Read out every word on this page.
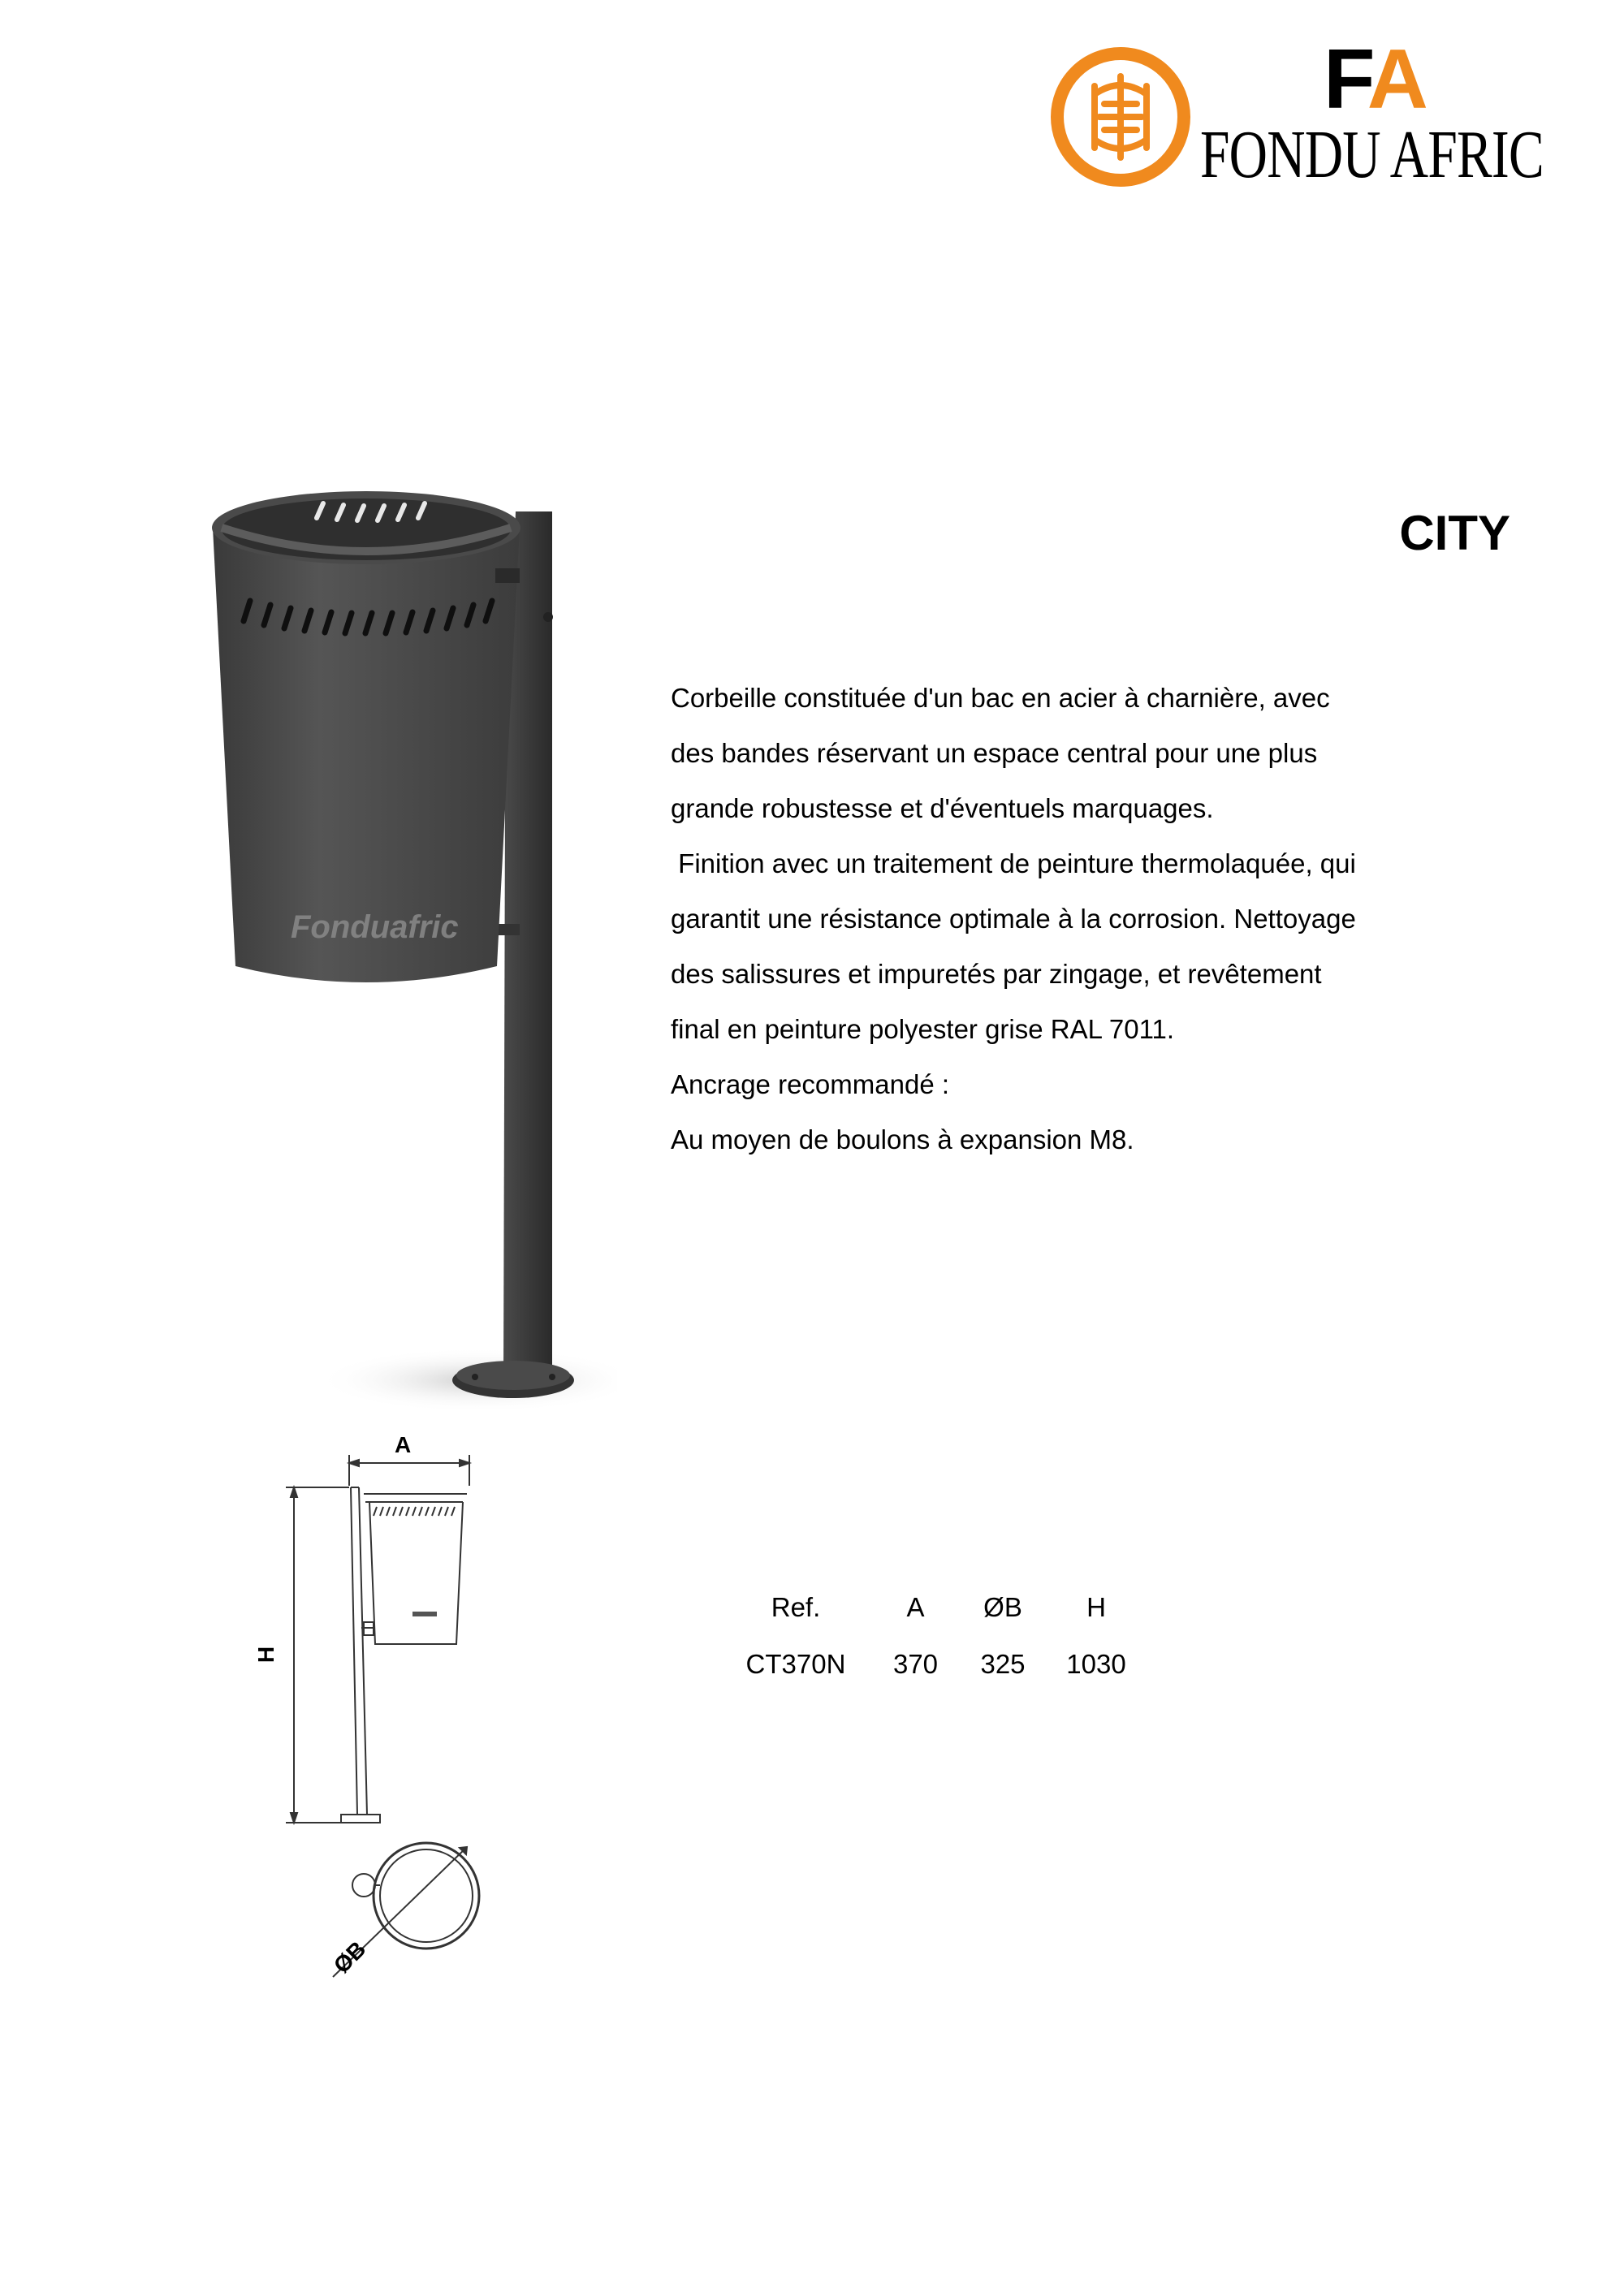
FA
FONDU AFRIC
CITY

Corbeille constituée d'un bac en acier à charnière, avec

des bandes réservant un espace central pour une plus

grande robustesse et d'éventuels marquages.

Finition avec un traitement de peinture thermolaquée, qui

garantit une résistance optimale à la corrosion. Nettoyage

des salissures et impuretés par zingage, et revêtement

final en peinture polyester grise RAL 7011.

Ancrage recommandé :

Au moyen de boulons à expansion M8.

Fonduafric
A
H
ØB
Ref.	A	ØB	H
CT370N	370	325	1030
